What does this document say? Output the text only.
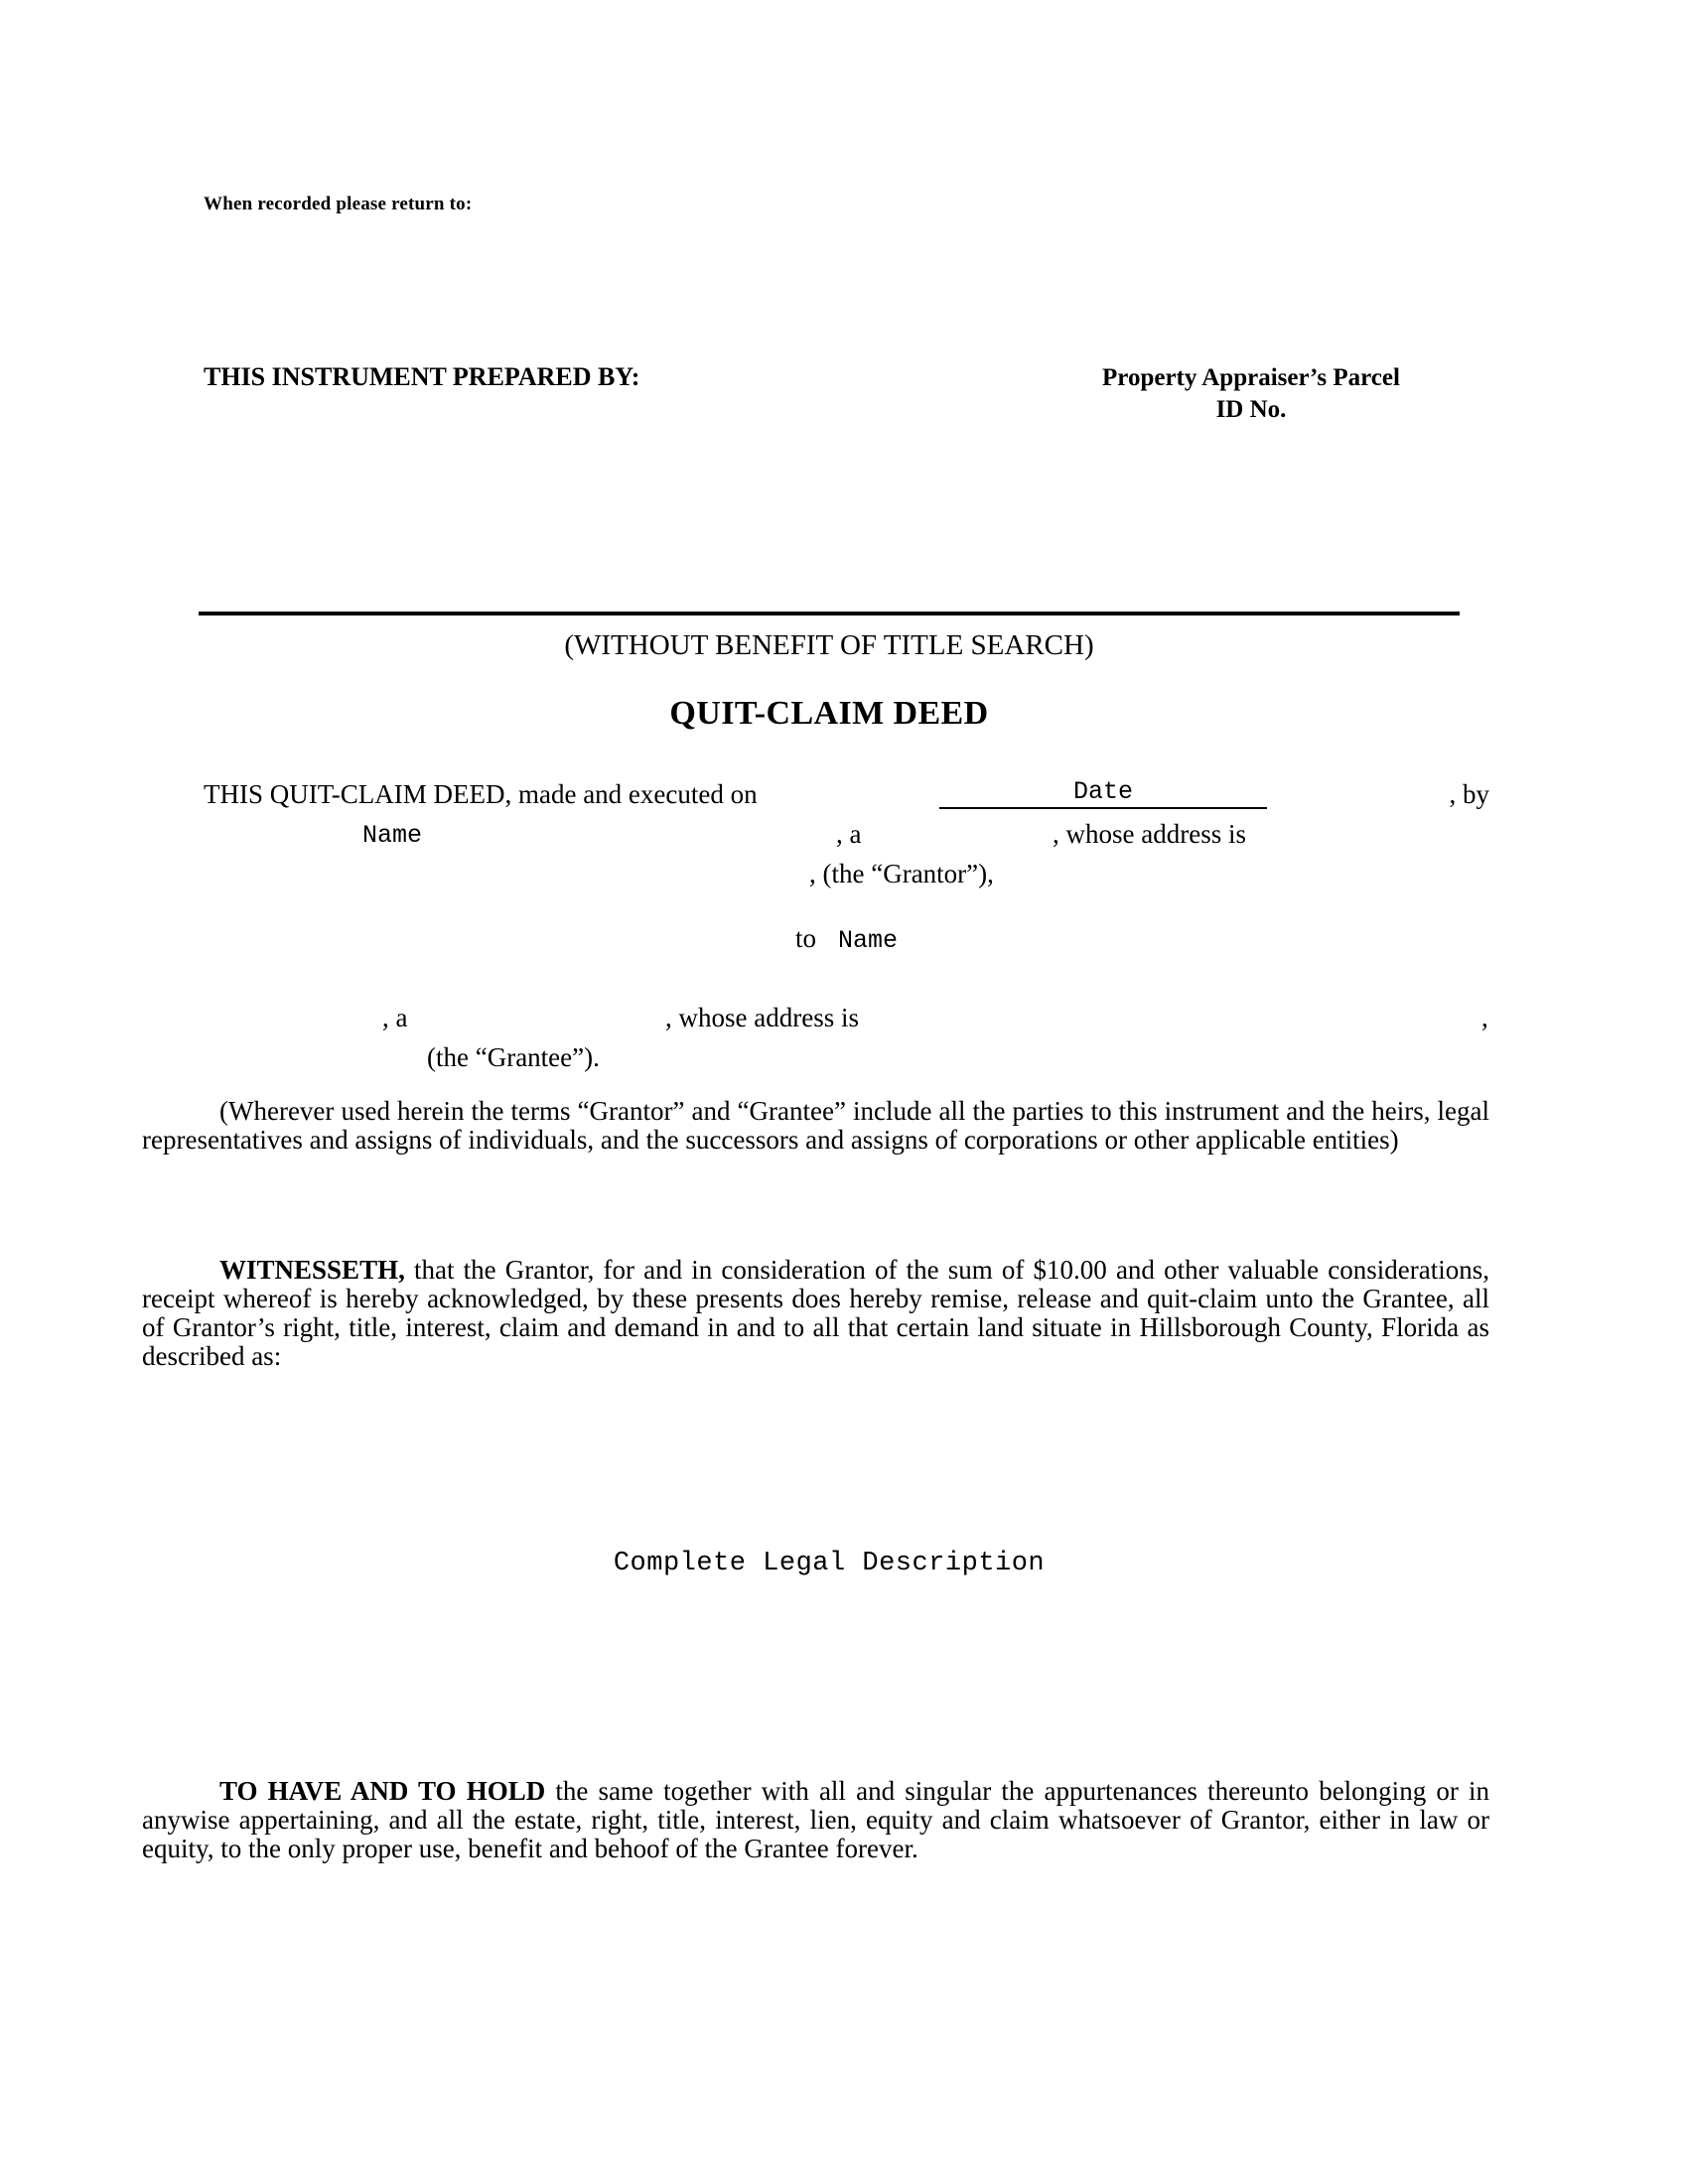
When recorded please return to:
THIS INSTRUMENT PREPARED BY:	Property Appraiser’s Parcel
ID No.
(WITHOUT BENEFIT OF TITLE SEARCH)
QUIT-CLAIM DEED
THIS QUIT-CLAIM DEED, made and executed on	Date	, by
Name	, a	, whose address is
, (the “Grantor”),
to Name
, a	, whose address is	,
(the “Grantee”).
(Wherever used herein the terms “Grantor” and “Grantee” include all the parties to this instrument and the heirs, legal representatives and assigns of individuals, and the successors and assigns of corporations or other applicable entities)
WITNESSETH, that the Grantor, for and in consideration of the sum of $10.00 and other valuable considerations, receipt whereof is hereby acknowledged, by these presents does hereby remise, release and quit-claim unto the Grantee, all of Grantor’s right, title, interest, claim and demand in and to all that certain land situate in Hillsborough County, Florida as described as:
Complete Legal Description
TO HAVE AND TO HOLD the same together with all and singular the appurtenances thereunto belonging or in anywise appertaining, and all the estate, right, title, interest, lien, equity and claim whatsoever of Grantor, either in law or equity, to the only proper use, benefit and behoof of the Grantee forever.
